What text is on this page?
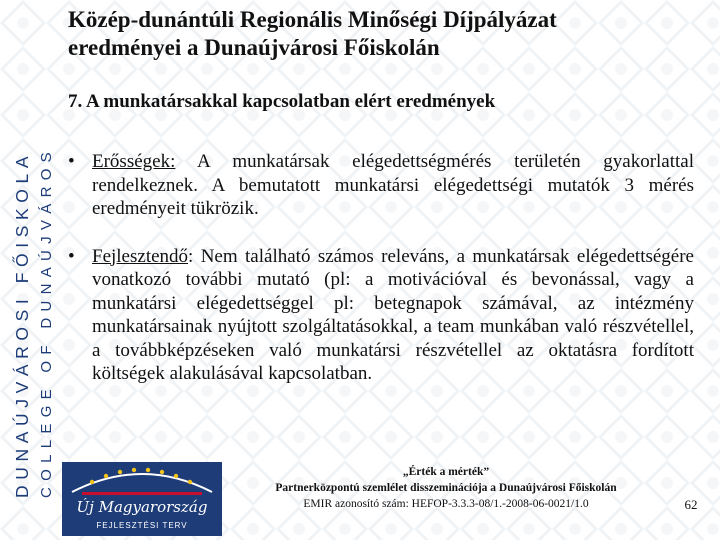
DUNAÚJVÁROSI FŐISKOLA COLLEGE OF DUNAÚJVÁROS
Közép-dunántúli Regionális Minőségi Díjpályázat
eredményei a Dunaújvárosi Főiskolán
7. A munkatársakkal kapcsolatban elért eredmények

• Erősségek: A munkatársak elégedettségmérés területén gyakorlattal rendelkeznek. A bemutatott munkatársi elégedettségi mutatók 3 mérés eredményeit tükrözik.

• Fejlesztendő: Nem található számos releváns, a munkatársak elégedettségére vonatkozó további mutató (pl: a motivációval és bevonással, vagy a munkatársi elégedettséggel pl: betegnapok számával, az intézmény munkatársainak nyújtott szolgáltatásokkal, a team munkában való részvétellel, a továbbképzéseken való munkatársi részvétellel az oktatásra fordított költségek alakulásával kapcsolatban.

Új Magyarország
FEJLESZTÉSI TERV
„Érték a mérték”
Partnerközpontú szemlélet disszeminációja a Dunaújvárosi Főiskolán
EMIR azonosító szám: HEFOP-3.3.3-08/1.-2008-06-0021/1.0	62
